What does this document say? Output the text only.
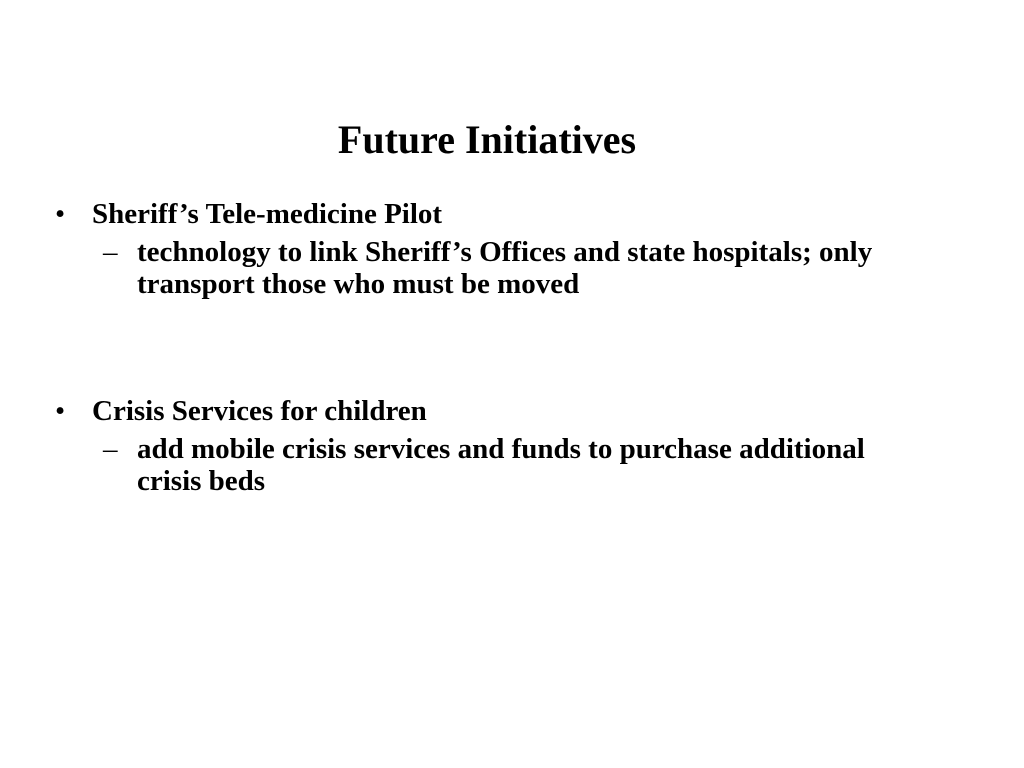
Future Initiatives
• Sheriff’s Tele-medicine Pilot
– technology to link Sheriff’s Offices and state hospitals; only transport those who must be moved
• Crisis Services for children
– add mobile crisis services and funds to purchase additional crisis beds
